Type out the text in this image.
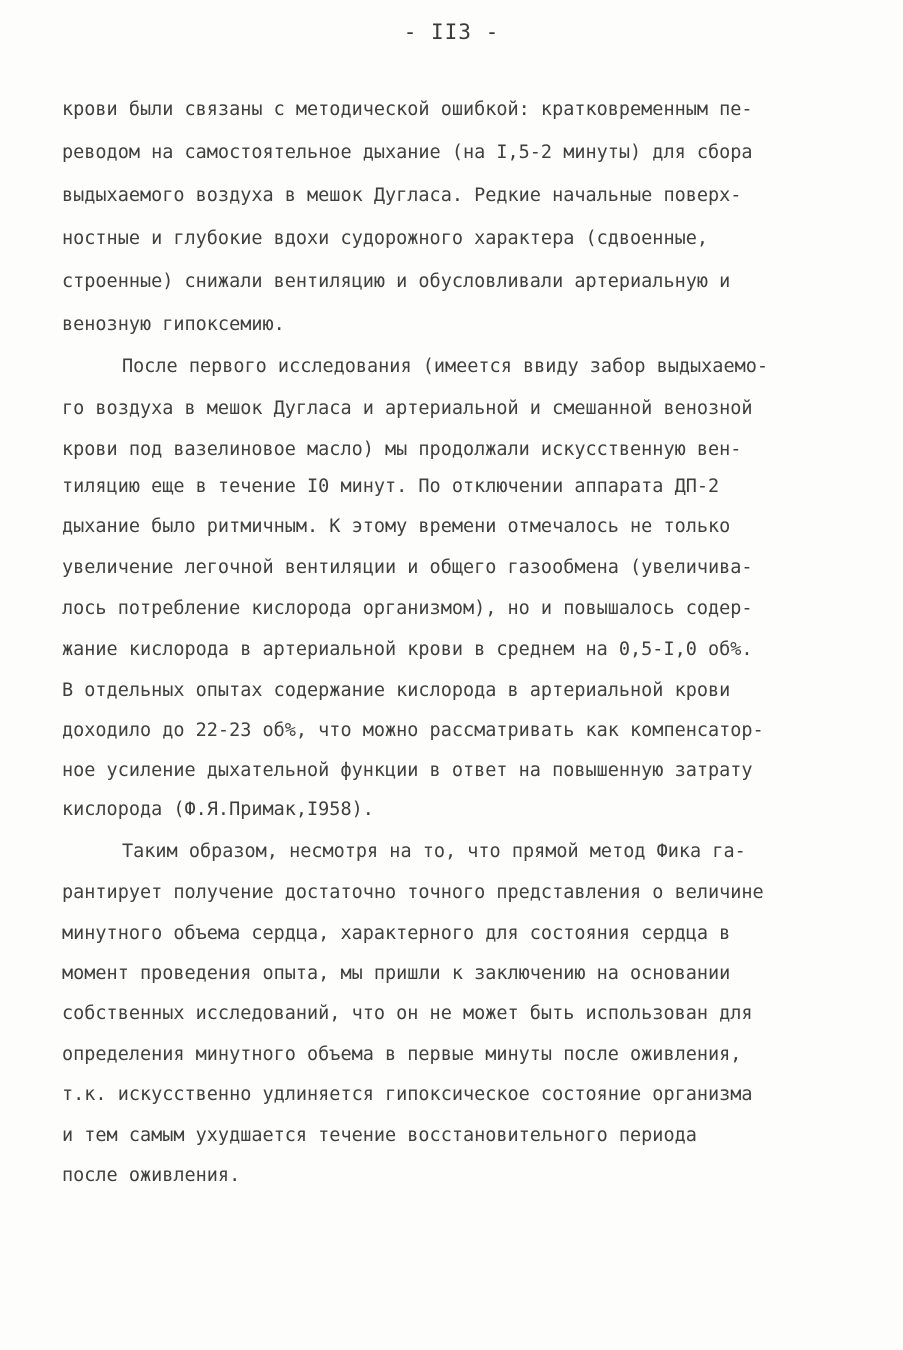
- II3 -
крови были связаны с методической ошибкой: кратковременным пе-
реводом на самостоятельное дыхание (на I,5-2 минуты) для сбора
выдыхаемого воздуха в мешок Дугласа. Редкие начальные поверх-
ностные и глубокие вдохи судорожного характера (сдвоенные,
строенные) снижали вентиляцию и обусловливали артериальную и
венозную гипоксемию.
После первого исследования (имеется ввиду забор выдыхаемо-
го воздуха в мешок Дугласа и артериальной и смешанной венозной
крови под вазелиновое масло) мы продолжали искусственную вен-
тиляцию еще в течение I0 минут. По отключении аппарата ДП-2
дыхание было ритмичным. К этому времени отмечалось не только
увеличение легочной вентиляции и общего газообмена (увеличива-
лось потребление кислорода организмом), но и повышалось содер-
жание кислорода в артериальной крови в среднем на 0,5-I,0 об%.
В отдельных опытах содержание кислорода в артериальной крови
доходило до 22-23 об%, что можно рассматривать как компенсатор-
ное усиление дыхательной функции в ответ на повышенную затрату
кислорода (Ф.Я.Примак,I958).
Таким образом, несмотря на то, что прямой метод Фика га-
рантирует получение достаточно точного представления о величине
минутного объема сердца, характерного для состояния сердца в
момент проведения опыта, мы пришли к заключению на основании
собственных исследований, что он не может быть использован для
определения минутного объема в первые минуты после оживления,
т.к. искусственно удлиняется гипоксическое состояние организма
и тем самым ухудшается течение восстановительного периода
после оживления.
